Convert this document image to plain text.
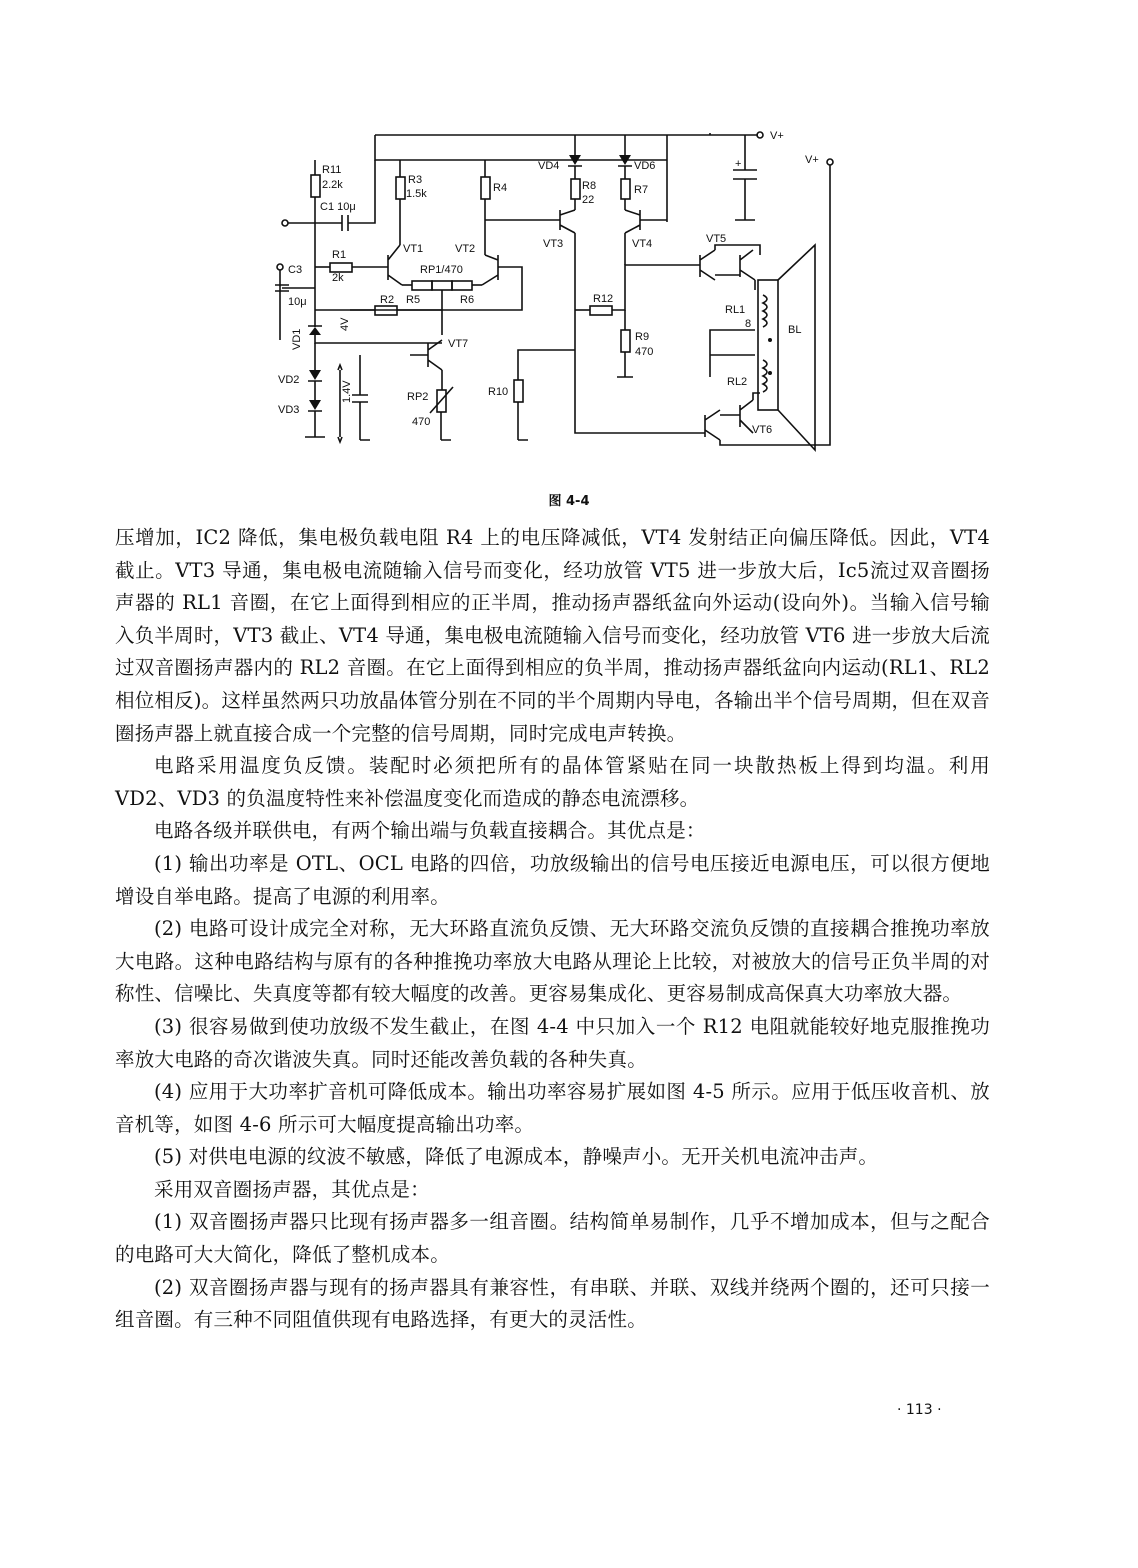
V+
V+
+
R11
2.2k	R3
1.5k	R4
VD4
R8
22
VD6
R7
VT3	VT4
C1 10μ
VT1	VT2
R1
2k
RP1/470
R5	R6
C3
10μ	R2
VD1
4V
VT7
VD2
VD3
1.4V	RP2
470
R12
R9
470
R10
VT5
VT6
RL1
8	BL
RL2
图 4-4

压增加，IC2 降低，集电极负载电阻 R4 上的电压降减低，VT4 发射结正向偏压降低。因此，VT4 截止。VT3 导通，集电极电流随输入信号而变化，经功放管 VT5 进一步放大后，Ic5流过双音圈扬声器的 RL1 音圈，在它上面得到相应的正半周，推动扬声器纸盆向外运动(设向外)。当输入信号输入负半周时，VT3 截止、VT4 导通，集电极电流随输入信号而变化，经功放管 VT6 进一步放大后流过双音圈扬声器内的 RL2 音圈。在它上面得到相应的负半周，推动扬声器纸盆向内运动(RL1、RL2 相位相反)。这样虽然两只功放晶体管分别在不同的半个周期内导电，各输出半个信号周期，但在双音圈扬声器上就直接合成一个完整的信号周期，同时完成电声转换。

电路采用温度负反馈。装配时必须把所有的晶体管紧贴在同一块散热板上得到均温。利用 VD2、VD3 的负温度特性来补偿温度变化而造成的静态电流漂移。

电路各级并联供电，有两个输出端与负载直接耦合。其优点是：

(1) 输出功率是 OTL、OCL 电路的四倍，功放级输出的信号电压接近电源电压，可以很方便地增设自举电路。提高了电源的利用率。

(2) 电路可设计成完全对称，无大环路直流负反馈、无大环路交流负反馈的直接耦合推挽功率放大电路。这种电路结构与原有的各种推挽功率放大电路从理论上比较，对被放大的信号正负半周的对称性、信噪比、失真度等都有较大幅度的改善。更容易集成化、更容易制成高保真大功率放大器。

(3) 很容易做到使功放级不发生截止，在图 4-4 中只加入一个 R12 电阻就能较好地克服推挽功率放大电路的奇次谐波失真。同时还能改善负载的各种失真。

(4) 应用于大功率扩音机可降低成本。输出功率容易扩展如图 4-5 所示。应用于低压收音机、放音机等，如图 4-6 所示可大幅度提高输出功率。

(5) 对供电电源的纹波不敏感，降低了电源成本，静噪声小。无开关机电流冲击声。

采用双音圈扬声器，其优点是：

(1) 双音圈扬声器只比现有扬声器多一组音圈。结构简单易制作，几乎不增加成本，但与之配合的电路可大大简化，降低了整机成本。

(2) 双音圈扬声器与现有的扬声器具有兼容性，有串联、并联、双线并绕两个圈的，还可只接一组音圈。有三种不同阻值供现有电路选择，有更大的灵活性。

· 113 ·
